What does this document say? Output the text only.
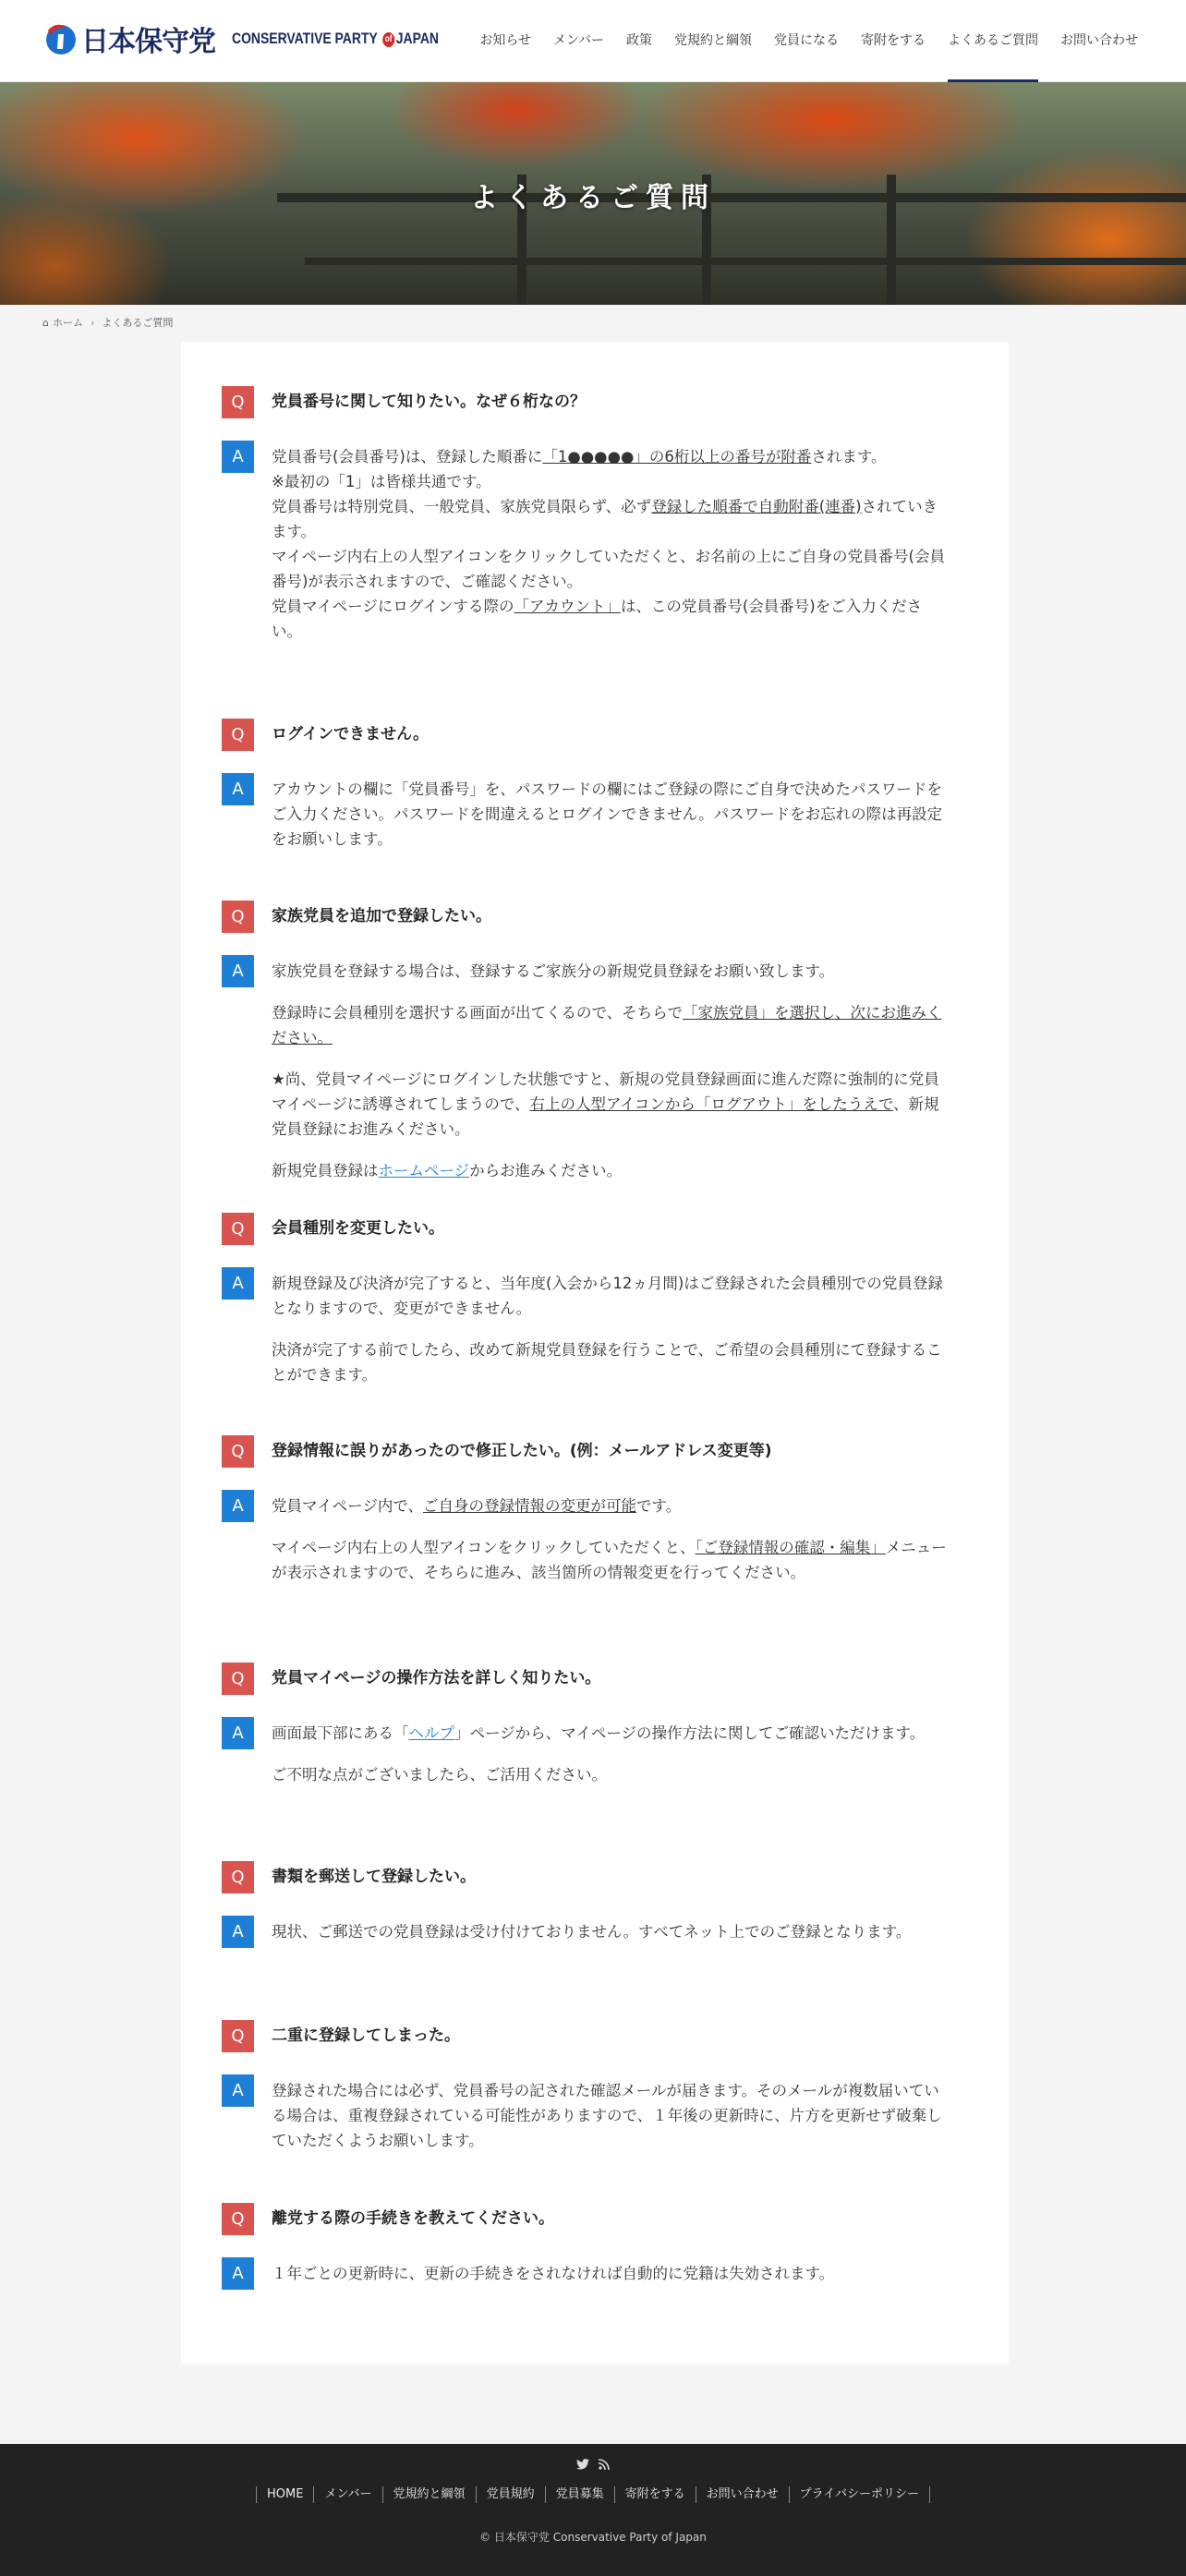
日本保守党 CONSERVATIVE PARTY of JAPAN	お知らせ	メンバー	政策	党規約と綱領	党員になる	寄附をする	よくあるご質問	お問い合わせ
よくあるご質問
⌂ ホーム › よくあるご質問
Q	党員番号に関して知りたい。なぜ６桁なの？
A	党員番号(会員番号)は、登録した順番に「1●●●●●」の6桁以上の番号が附番されます。

※最初の「1」は皆様共通です。

党員番号は特別党員、一般党員、家族党員限らず、必ず登録した順番で自動附番(連番)されていきます。

マイページ内右上の人型アイコンをクリックしていただくと、お名前の上にご自身の党員番号(会員番号)が表示されますので、ご確認ください。

党員マイページにログインする際の「アカウント」は、この党員番号(会員番号)をご入力ください。

Q	ログインできません。
A	アカウントの欄に「党員番号」を、パスワードの欄にはご登録の際にご自身で決めたパスワードをご入力ください。パスワードを間違えるとログインできません。パスワードをお忘れの際は再設定をお願いします。

Q	家族党員を追加で登録したい。
A	家族党員を登録する場合は、登録するご家族分の新規党員登録をお願い致します。

登録時に会員種別を選択する画面が出てくるので、そちらで「家族党員」を選択し、次にお進みください。

★尚、党員マイページにログインした状態ですと、新規の党員登録画面に進んだ際に強制的に党員マイページに誘導されてしまうので、右上の人型アイコンから「ログアウト」をしたうえで、新規党員登録にお進みください。

新規党員登録はホームページからお進みください。

Q	会員種別を変更したい。
A	新規登録及び決済が完了すると、当年度(入会から12ヵ月間)はご登録された会員種別での党員登録となりますので、変更ができません。

決済が完了する前でしたら、改めて新規党員登録を行うことで、ご希望の会員種別にて登録することができます。

Q	登録情報に誤りがあったので修正したい。(例：メールアドレス変更等)
A	党員マイページ内で、ご自身の登録情報の変更が可能です。

マイページ内右上の人型アイコンをクリックしていただくと、「ご登録情報の確認・編集」メニューが表示されますので、そちらに進み、該当箇所の情報変更を行ってください。

Q	党員マイページの操作方法を詳しく知りたい。
A	画面最下部にある「ヘルプ」ページから、マイページの操作方法に関してご確認いただけます。

ご不明な点がございましたら、ご活用ください。

Q	書類を郵送して登録したい。
A	現状、ご郵送での党員登録は受け付けておりません。すべてネット上でのご登録となります。

Q	二重に登録してしまった。
A	登録された場合には必ず、党員番号の記された確認メールが届きます。そのメールが複数届いている場合は、重複登録されている可能性がありますので、１年後の更新時に、片方を更新せず破棄していただくようお願いします。

Q	離党する際の手続きを教えてください。
A	１年ごとの更新時に、更新の手続きをされなければ自動的に党籍は失効されます。

HOME	メンバー	党規約と綱領	党員規約	党員募集	寄附をする	お問い合わせ	プライバシーポリシー
© 日本保守党 Conservative Party of Japan
